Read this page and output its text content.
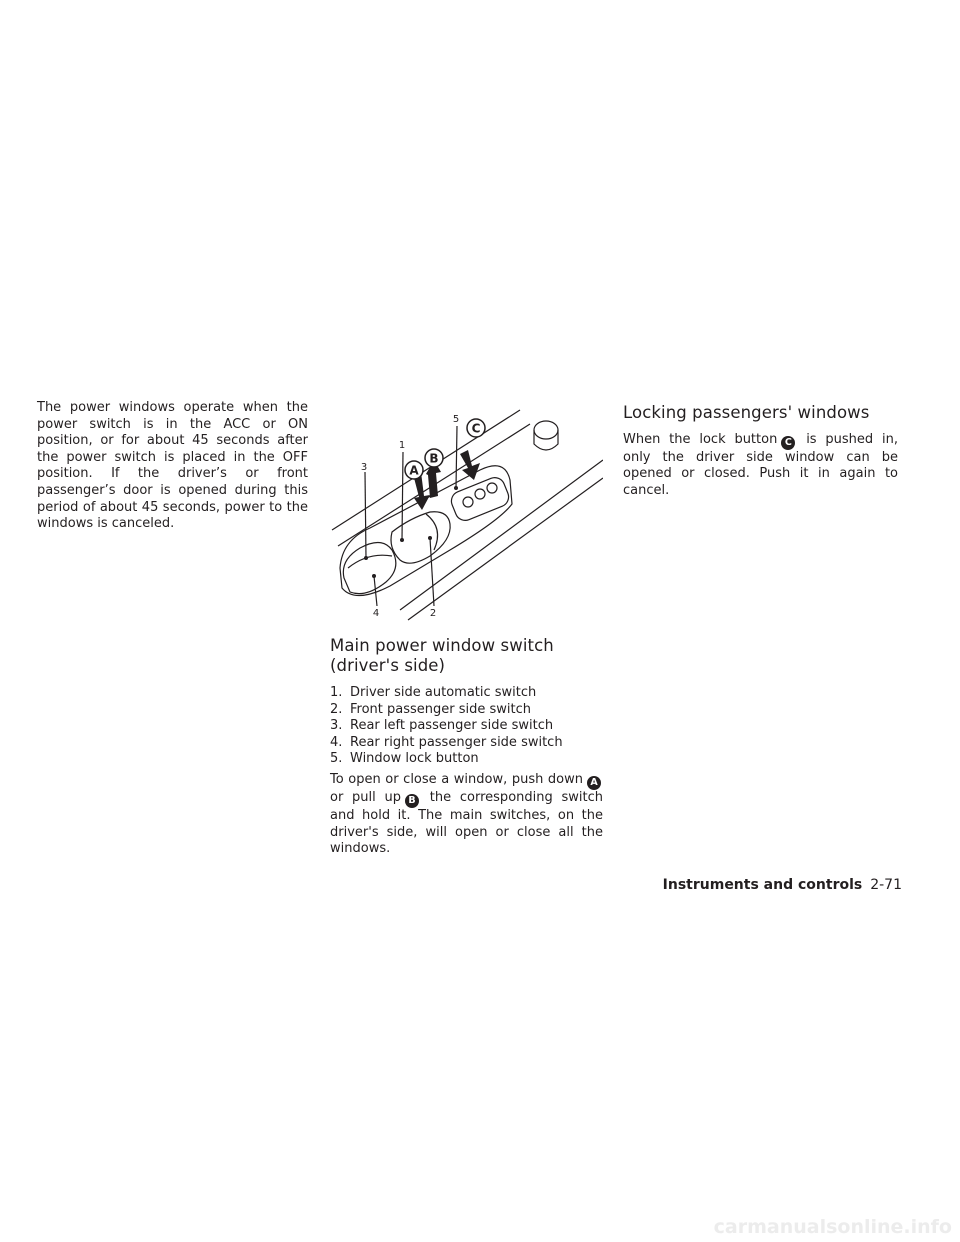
The power windows operate when the power switch is in the ACC or ON position, or for about 45 seconds after the power switch is placed in the OFF position. If the driver’s or front passenger’s door is opened during this period of about 45 seconds, power to the windows is canceled.

A
B
C
1
2
3
4
5
Main power window switch
(driver's side)
1. Driver side automatic switch
2. Front passenger side switch
3. Rear left passenger side switch
4. Rear right passenger side switch
5. Window lock button

To open or close a window, push down A or pull up B the corresponding switch and hold it. The main switches, on the driver's side, will open or close all the windows.

Locking passengers' windows

When the lock button C is pushed in, only the driver side window can be opened or closed. Push it in again to cancel.

Instruments and controls 2-71
carmanualsonline.info
